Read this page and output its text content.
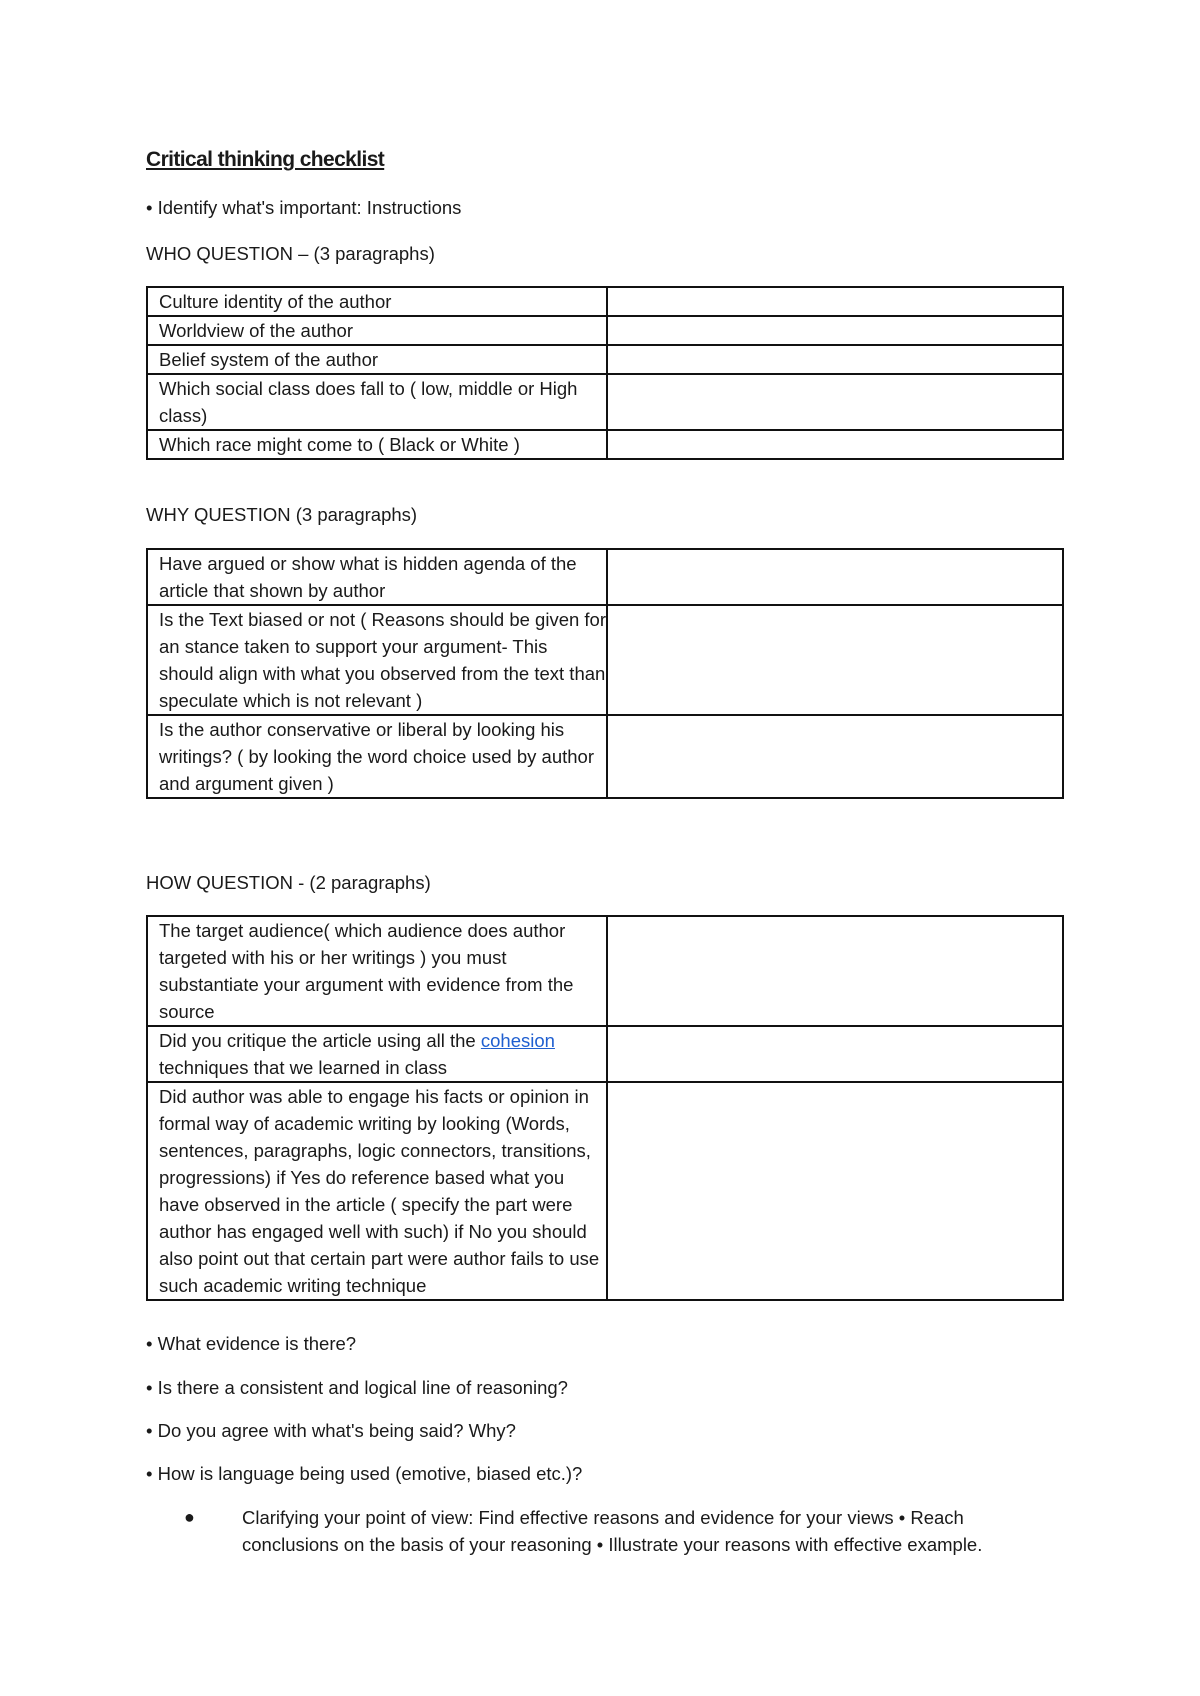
Critical thinking checklist
• Identify what's important: Instructions
WHO QUESTION – (3 paragraphs)
Culture identity of the author	
Worldview of the author	
Belief system of the author	
Which social class does fall to ( low, middle or High class)	
Which race might come to ( Black or White )	
WHY QUESTION (3 paragraphs)
Have argued or show what is hidden agenda of the article that shown by author	
Is the Text biased or not ( Reasons should be given for an stance taken to support your argument- This should align with what you observed from the text than speculate which is not relevant )	
Is the author conservative or liberal by looking his writings? ( by looking the word choice used by author and argument given )	
HOW QUESTION - (2 paragraphs)
The target audience( which audience does author targeted with his or her writings ) you must substantiate your argument with evidence from the source	
Did you critique the article using all the cohesion techniques that we learned in class	
Did author was able to engage his facts or opinion in formal way of academic writing by looking (Words, sentences, paragraphs, logic connectors, transitions, progressions) if Yes do reference based what you have observed in the article ( specify the part were author has engaged well with such) if No you should also point out that certain part were author fails to use such academic writing technique	
• What evidence is there?
• Is there a consistent and logical line of reasoning?
• Do you agree with what's being said? Why?
• How is language being used (emotive, biased etc.)?
●	Clarifying your point of view: Find effective reasons and evidence for your views • Reach conclusions on the basis of your reasoning • Illustrate your reasons with effective example.
